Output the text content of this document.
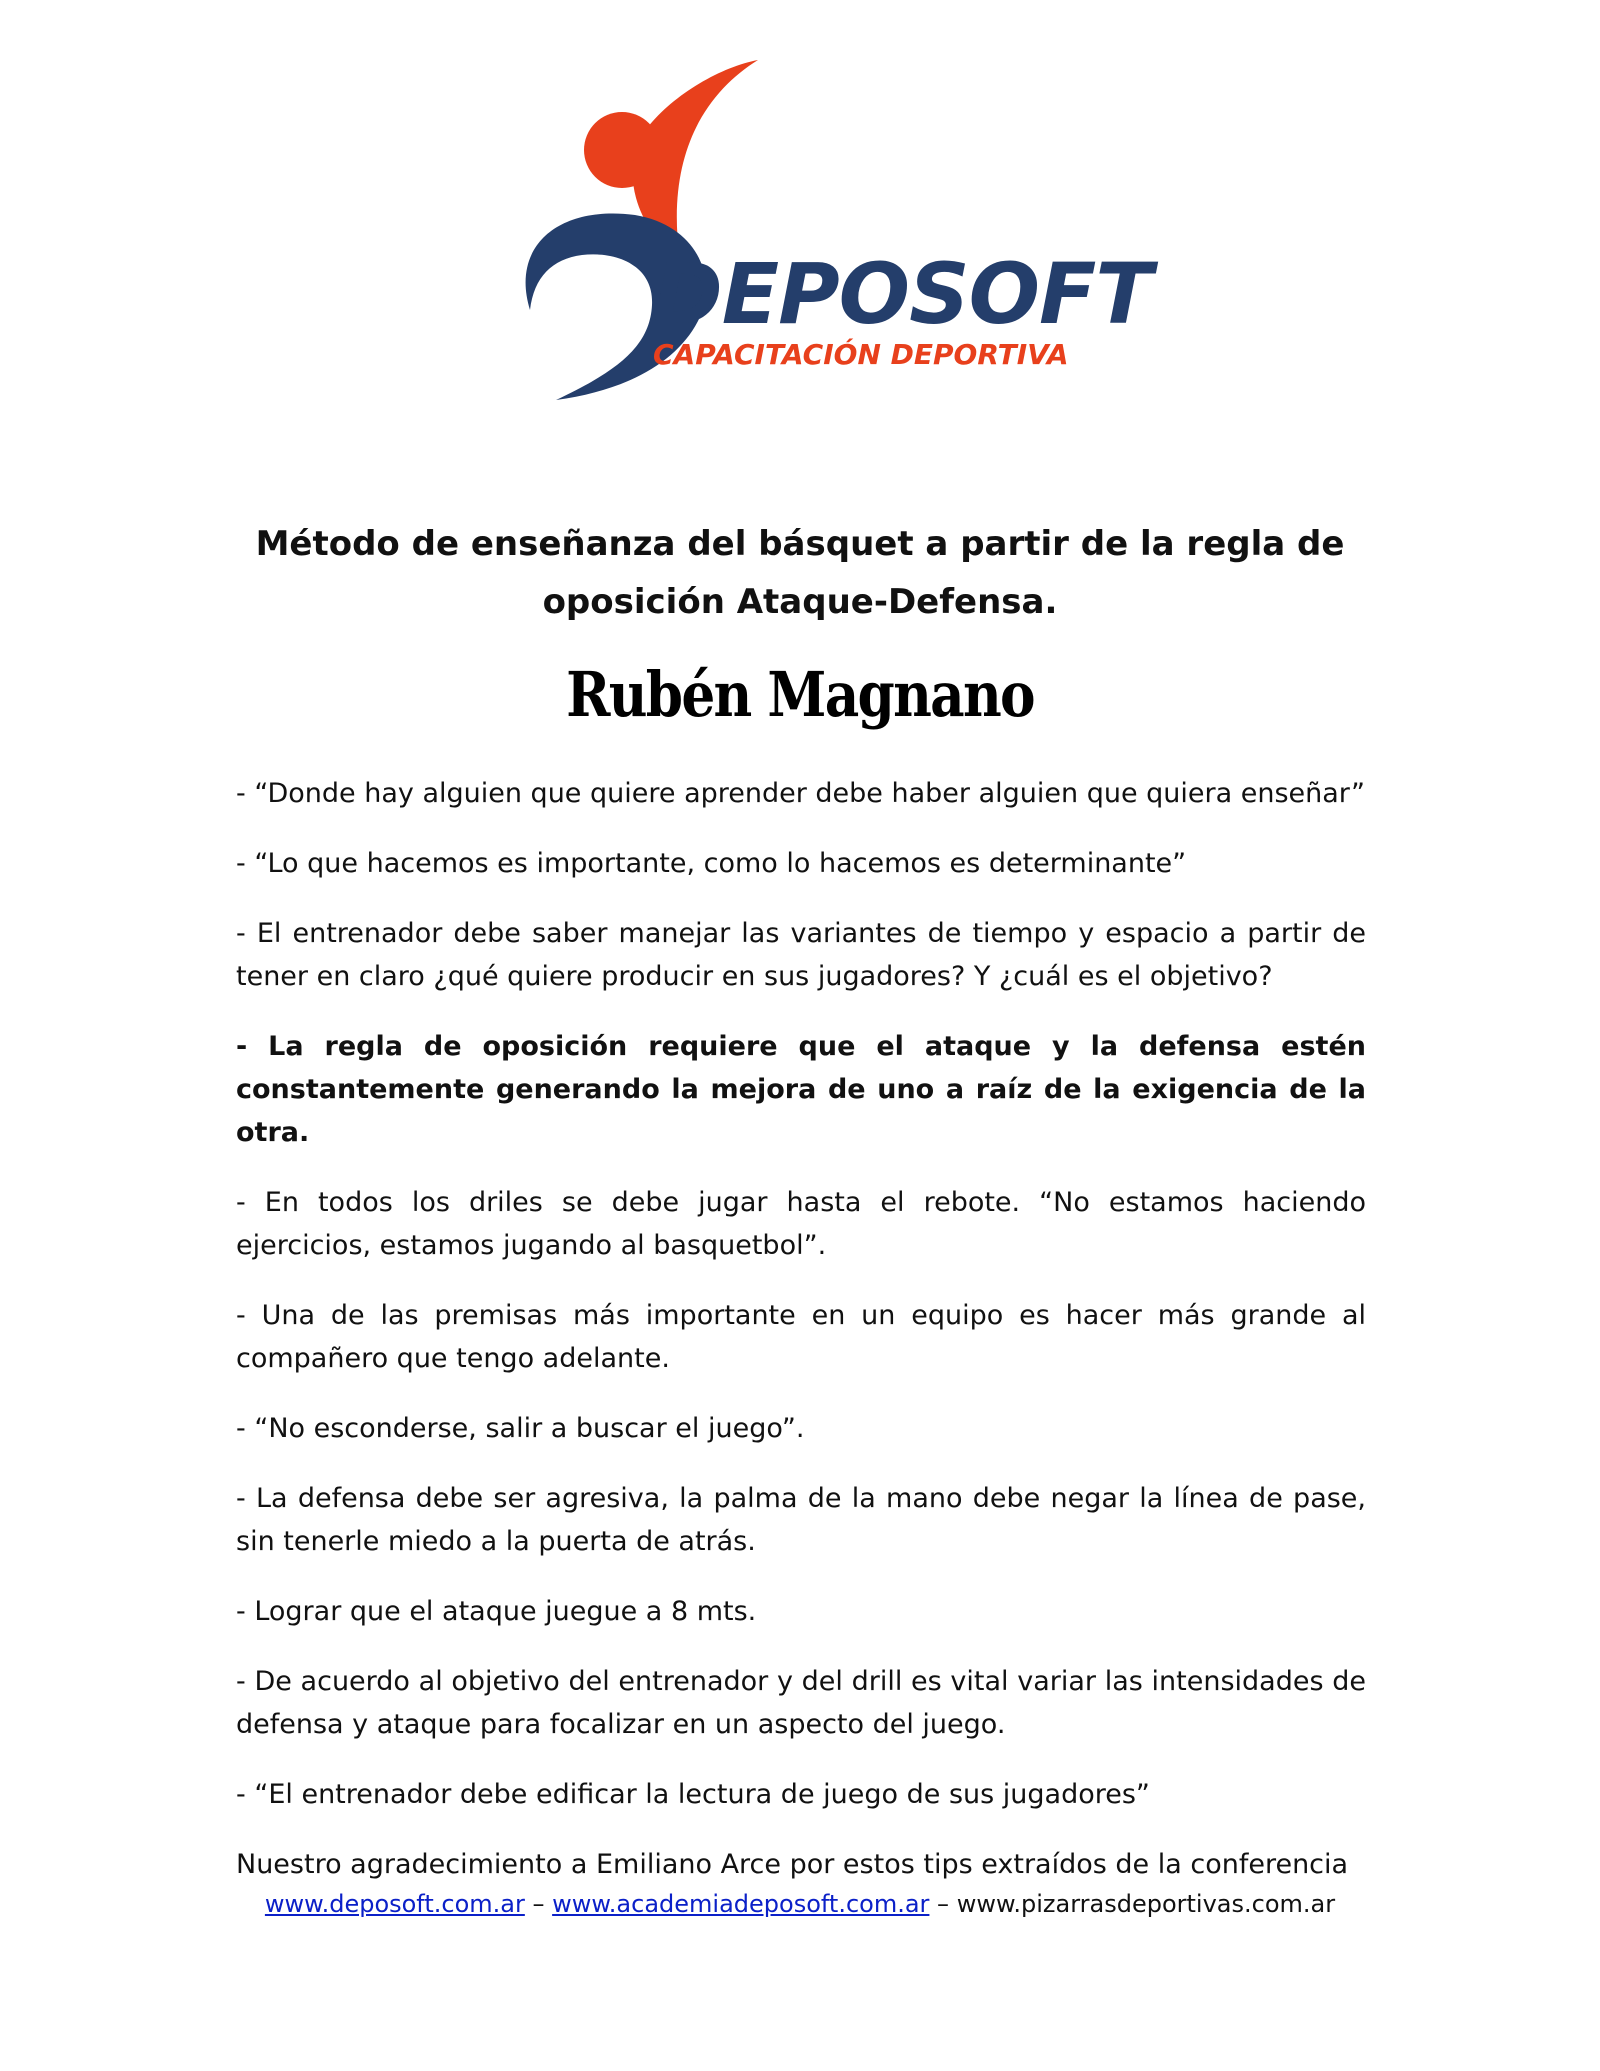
DEPOSOFT
CAPACITACIÓN DEPORTIVA
Método de enseñanza del básquet a partir de la regla de
oposición Ataque-Defensa.
Rubén Magnano

- “Donde hay alguien que quiere aprender debe haber alguien que quiera enseñar”

- “Lo que hacemos es importante, como lo hacemos es determinante”

- El entrenador debe saber manejar las variantes de tiempo y espacio a partir de tener en claro ¿qué quiere producir en sus jugadores? Y ¿cuál es el objetivo?

- La regla de oposición requiere que el ataque y la defensa estén constantemente generando la mejora de uno a raíz de la exigencia de la otra.

- En todos los driles se debe jugar hasta el rebote. “No estamos haciendo ejercicios, estamos jugando al basquetbol”.

- Una de las premisas más importante en un equipo es hacer más grande al compañero que tengo adelante.

- “No esconderse, salir a buscar el juego”.

- La defensa debe ser agresiva, la palma de la mano debe negar la línea de pase, sin tenerle miedo a la puerta de atrás.

- Lograr que el ataque juegue a 8 mts.

- De acuerdo al objetivo del entrenador y del drill es vital variar las intensidades de defensa y ataque para focalizar en un aspecto del juego.

- “El entrenador debe edificar la lectura de juego de sus jugadores”

Nuestro agradecimiento a Emiliano Arce por estos tips extraídos de la conferencia

www.deposoft.com.ar – www.academiadeposoft.com.ar – www.pizarrasdeportivas.com.ar
